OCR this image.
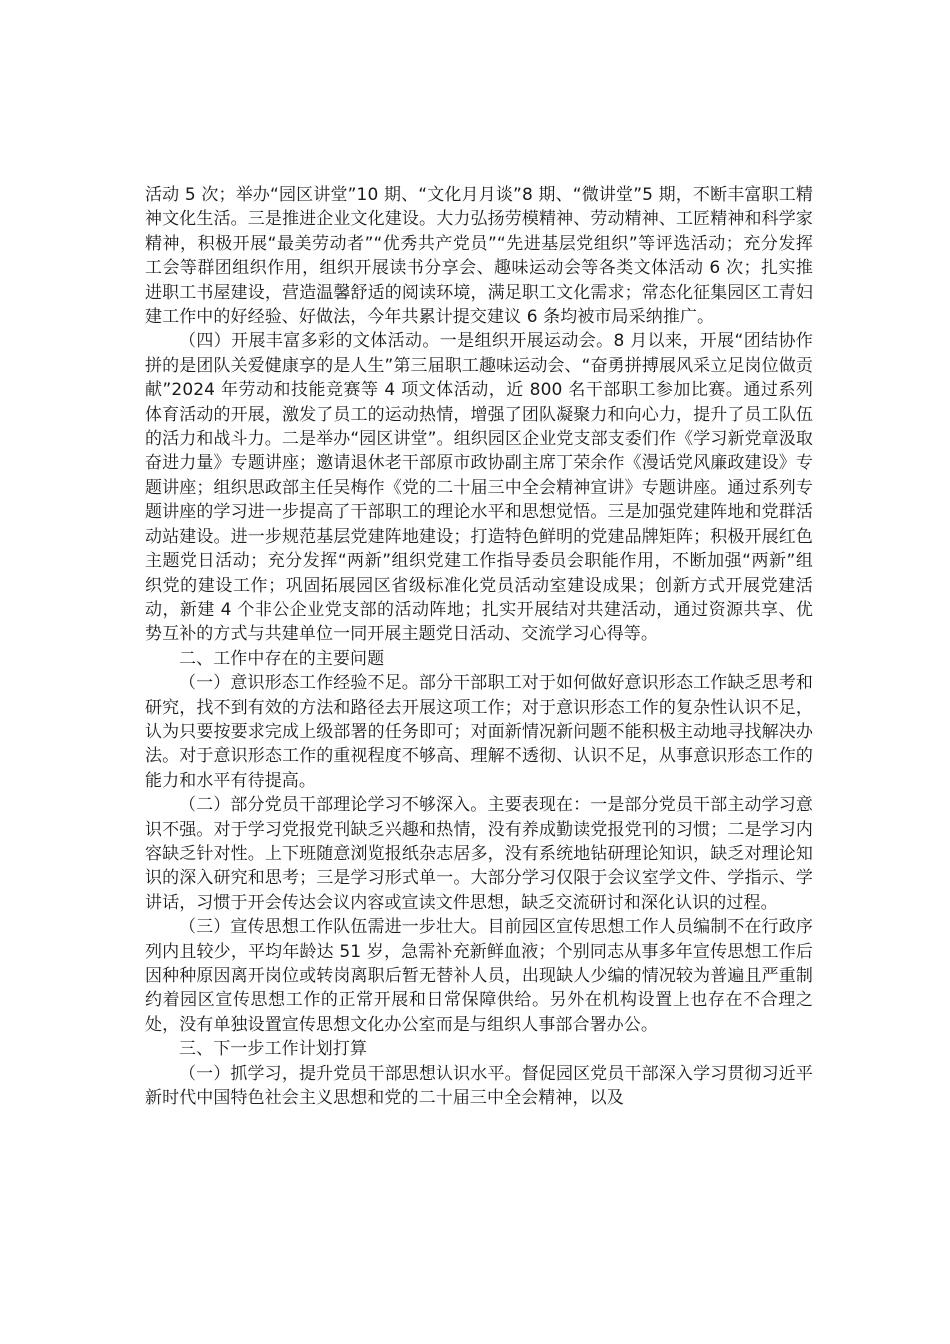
活动 5 次；举办“园区讲堂”10 期、“文化月月谈”8 期、“微讲堂”5 期，不断丰富职工精神文化生活。三是推进企业文化建设。大力弘扬劳模精神、劳动精神、工匠精神和科学家精神，积极开展“最美劳动者”“优秀共产党员”“先进基层党组织”等评选活动；充分发挥工会等群团组织作用，组织开展读书分享会、趣味运动会等各类文体活动 6 次；扎实推进职工书屋建设，营造温馨舒适的阅读环境，满足职工文化需求；常态化征集园区工青妇建工作中的好经验、好做法，今年共累计提交建议 6 条均被市局采纳推广。

（四）开展丰富多彩的文体活动。一是组织开展运动会。8 月以来，开展“团结协作拼的是团队关爱健康享的是人生”第三届职工趣味运动会、“奋勇拼搏展风采立足岗位做贡献”2024 年劳动和技能竞赛等 4 项文体活动，近 800 名干部职工参加比赛。通过系列体育活动的开展，激发了员工的运动热情，增强了团队凝聚力和向心力，提升了员工队伍的活力和战斗力。二是举办“园区讲堂”。组织园区企业党支部支委们作《学习新党章汲取奋进力量》专题讲座；邀请退休老干部原市政协副主席丁荣余作《漫话党风廉政建设》专题讲座；组织思政部主任吴梅作《党的二十届三中全会精神宣讲》专题讲座。通过系列专题讲座的学习进一步提高了干部职工的理论水平和思想觉悟。三是加强党建阵地和党群活动站建设。进一步规范基层党建阵地建设；打造特色鲜明的党建品牌矩阵；积极开展红色主题党日活动；充分发挥“两新”组织党建工作指导委员会职能作用，不断加强“两新”组织党的建设工作；巩固拓展园区省级标准化党员活动室建设成果；创新方式开展党建活动，新建 4 个非公企业党支部的活动阵地；扎实开展结对共建活动，通过资源共享、优势互补的方式与共建单位一同开展主题党日活动、交流学习心得等。

二、工作中存在的主要问题

（一）意识形态工作经验不足。部分干部职工对于如何做好意识形态工作缺乏思考和研究，找不到有效的方法和路径去开展这项工作；对于意识形态工作的复杂性认识不足，认为只要按要求完成上级部署的任务即可；对面新情况新问题不能积极主动地寻找解决办法。对于意识形态工作的重视程度不够高、理解不透彻、认识不足，从事意识形态工作的能力和水平有待提高。

（二）部分党员干部理论学习不够深入。主要表现在：一是部分党员干部主动学习意识不强。对于学习党报党刊缺乏兴趣和热情，没有养成勤读党报党刊的习惯；二是学习内容缺乏针对性。上下班随意浏览报纸杂志居多，没有系统地钻研理论知识，缺乏对理论知识的深入研究和思考；三是学习形式单一。大部分学习仅限于会议室学文件、学指示、学讲话，习惯于开会传达会议内容或宣读文件思想，缺乏交流研讨和深化认识的过程。

（三）宣传思想工作队伍需进一步壮大。目前园区宣传思想工作人员编制不在行政序列内且较少，平均年龄达 51 岁，急需补充新鲜血液；个别同志从事多年宣传思想工作后因种种原因离开岗位或转岗离职后暂无替补人员，出现缺人少编的情况较为普遍且严重制约着园区宣传思想工作的正常开展和日常保障供给。另外在机构设置上也存在不合理之处，没有单独设置宣传思想文化办公室而是与组织人事部合署办公。

三、下一步工作计划打算

（一）抓学习，提升党员干部思想认识水平。督促园区党员干部深入学习贯彻习近平新时代中国特色社会主义思想和党的二十届三中全会精神，以及
